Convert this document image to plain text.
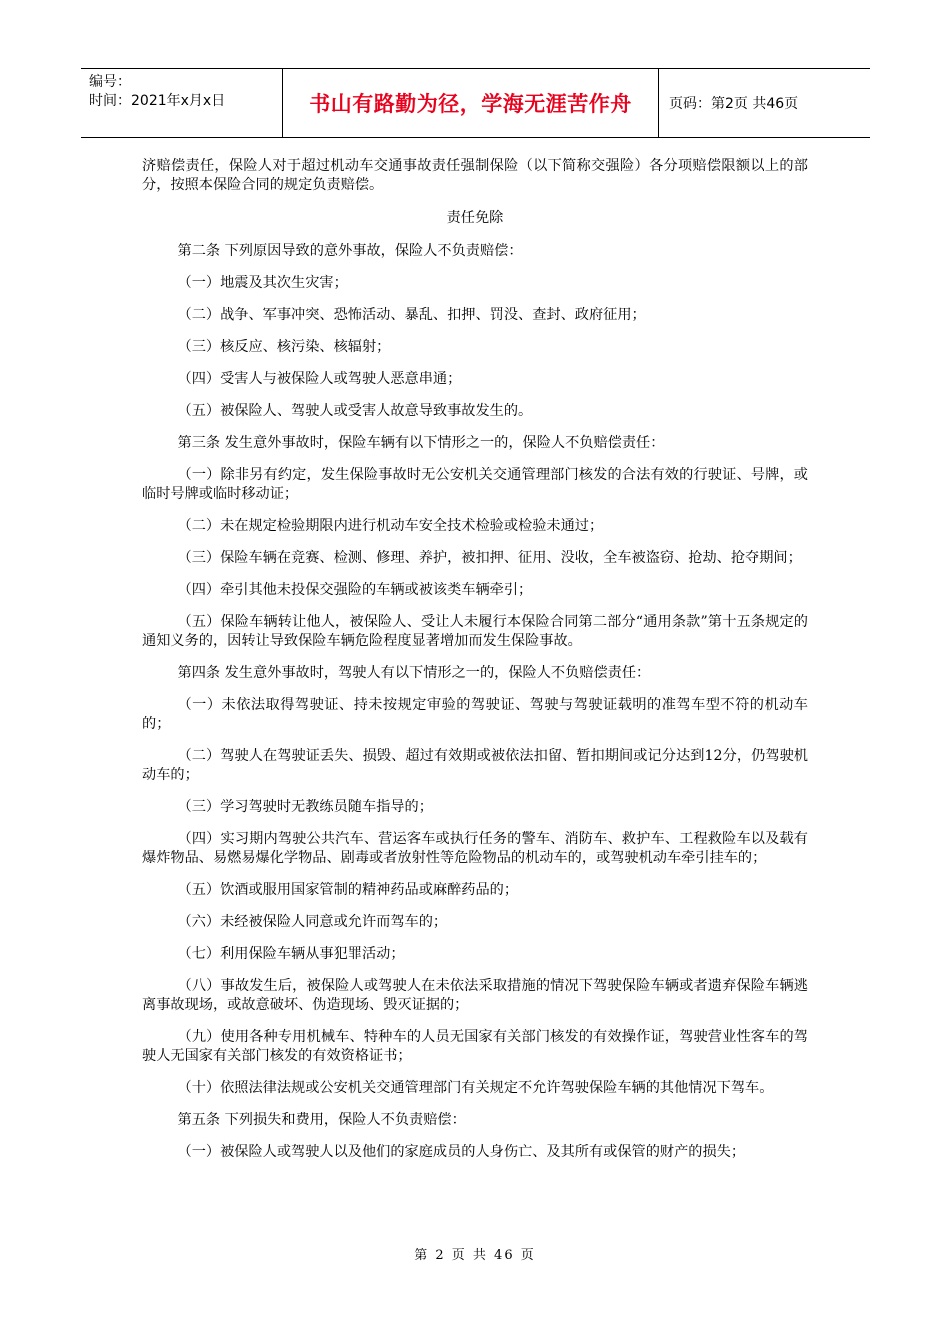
编号：
时间：2021年x月x日	书山有路勤为径，学海无涯苦作舟	页码：第2页 共46页

济赔偿责任，保险人对于超过机动车交通事故责任强制保险（以下简称交强险）各分项赔偿限额以上的部分，按照本保险合同的规定负责赔偿。

责任免除

第二条 下列原因导致的意外事故，保险人不负责赔偿：

（一）地震及其次生灾害；

（二）战争、军事冲突、恐怖活动、暴乱、扣押、罚没、查封、政府征用；

（三）核反应、核污染、核辐射；

（四）受害人与被保险人或驾驶人恶意串通；

（五）被保险人、驾驶人或受害人故意导致事故发生的。

第三条 发生意外事故时，保险车辆有以下情形之一的，保险人不负赔偿责任：

（一）除非另有约定，发生保险事故时无公安机关交通管理部门核发的合法有效的行驶证、号牌，或临时号牌或临时移动证；

（二）未在规定检验期限内进行机动车安全技术检验或检验未通过；

（三）保险车辆在竞赛、检测、修理、养护，被扣押、征用、没收，全车被盗窃、抢劫、抢夺期间；

（四）牵引其他未投保交强险的车辆或被该类车辆牵引；

（五）保险车辆转让他人，被保险人、受让人未履行本保险合同第二部分“通用条款”第十五条规定的通知义务的，因转让导致保险车辆危险程度显著增加而发生保险事故。

第四条 发生意外事故时，驾驶人有以下情形之一的，保险人不负赔偿责任：

（一）未依法取得驾驶证、持未按规定审验的驾驶证、驾驶与驾驶证载明的准驾车型不符的机动车的；

（二）驾驶人在驾驶证丢失、损毁、超过有效期或被依法扣留、暂扣期间或记分达到12分，仍驾驶机动车的；

（三）学习驾驶时无教练员随车指导的；

（四）实习期内驾驶公共汽车、营运客车或执行任务的警车、消防车、救护车、工程救险车以及载有爆炸物品、易燃易爆化学物品、剧毒或者放射性等危险物品的机动车的，或驾驶机动车牵引挂车的；

（五）饮酒或服用国家管制的精神药品或麻醉药品的；

（六）未经被保险人同意或允许而驾车的；

（七）利用保险车辆从事犯罪活动；

（八）事故发生后，被保险人或驾驶人在未依法采取措施的情况下驾驶保险车辆或者遗弃保险车辆逃离事故现场，或故意破坏、伪造现场、毁灭证据的；

（九）使用各种专用机械车、特种车的人员无国家有关部门核发的有效操作证，驾驶营业性客车的驾驶人无国家有关部门核发的有效资格证书；

（十）依照法律法规或公安机关交通管理部门有关规定不允许驾驶保险车辆的其他情况下驾车。

第五条 下列损失和费用，保险人不负责赔偿：

（一）被保险人或驾驶人以及他们的家庭成员的人身伤亡、及其所有或保管的财产的损失；

第 2 页 共 46 页
